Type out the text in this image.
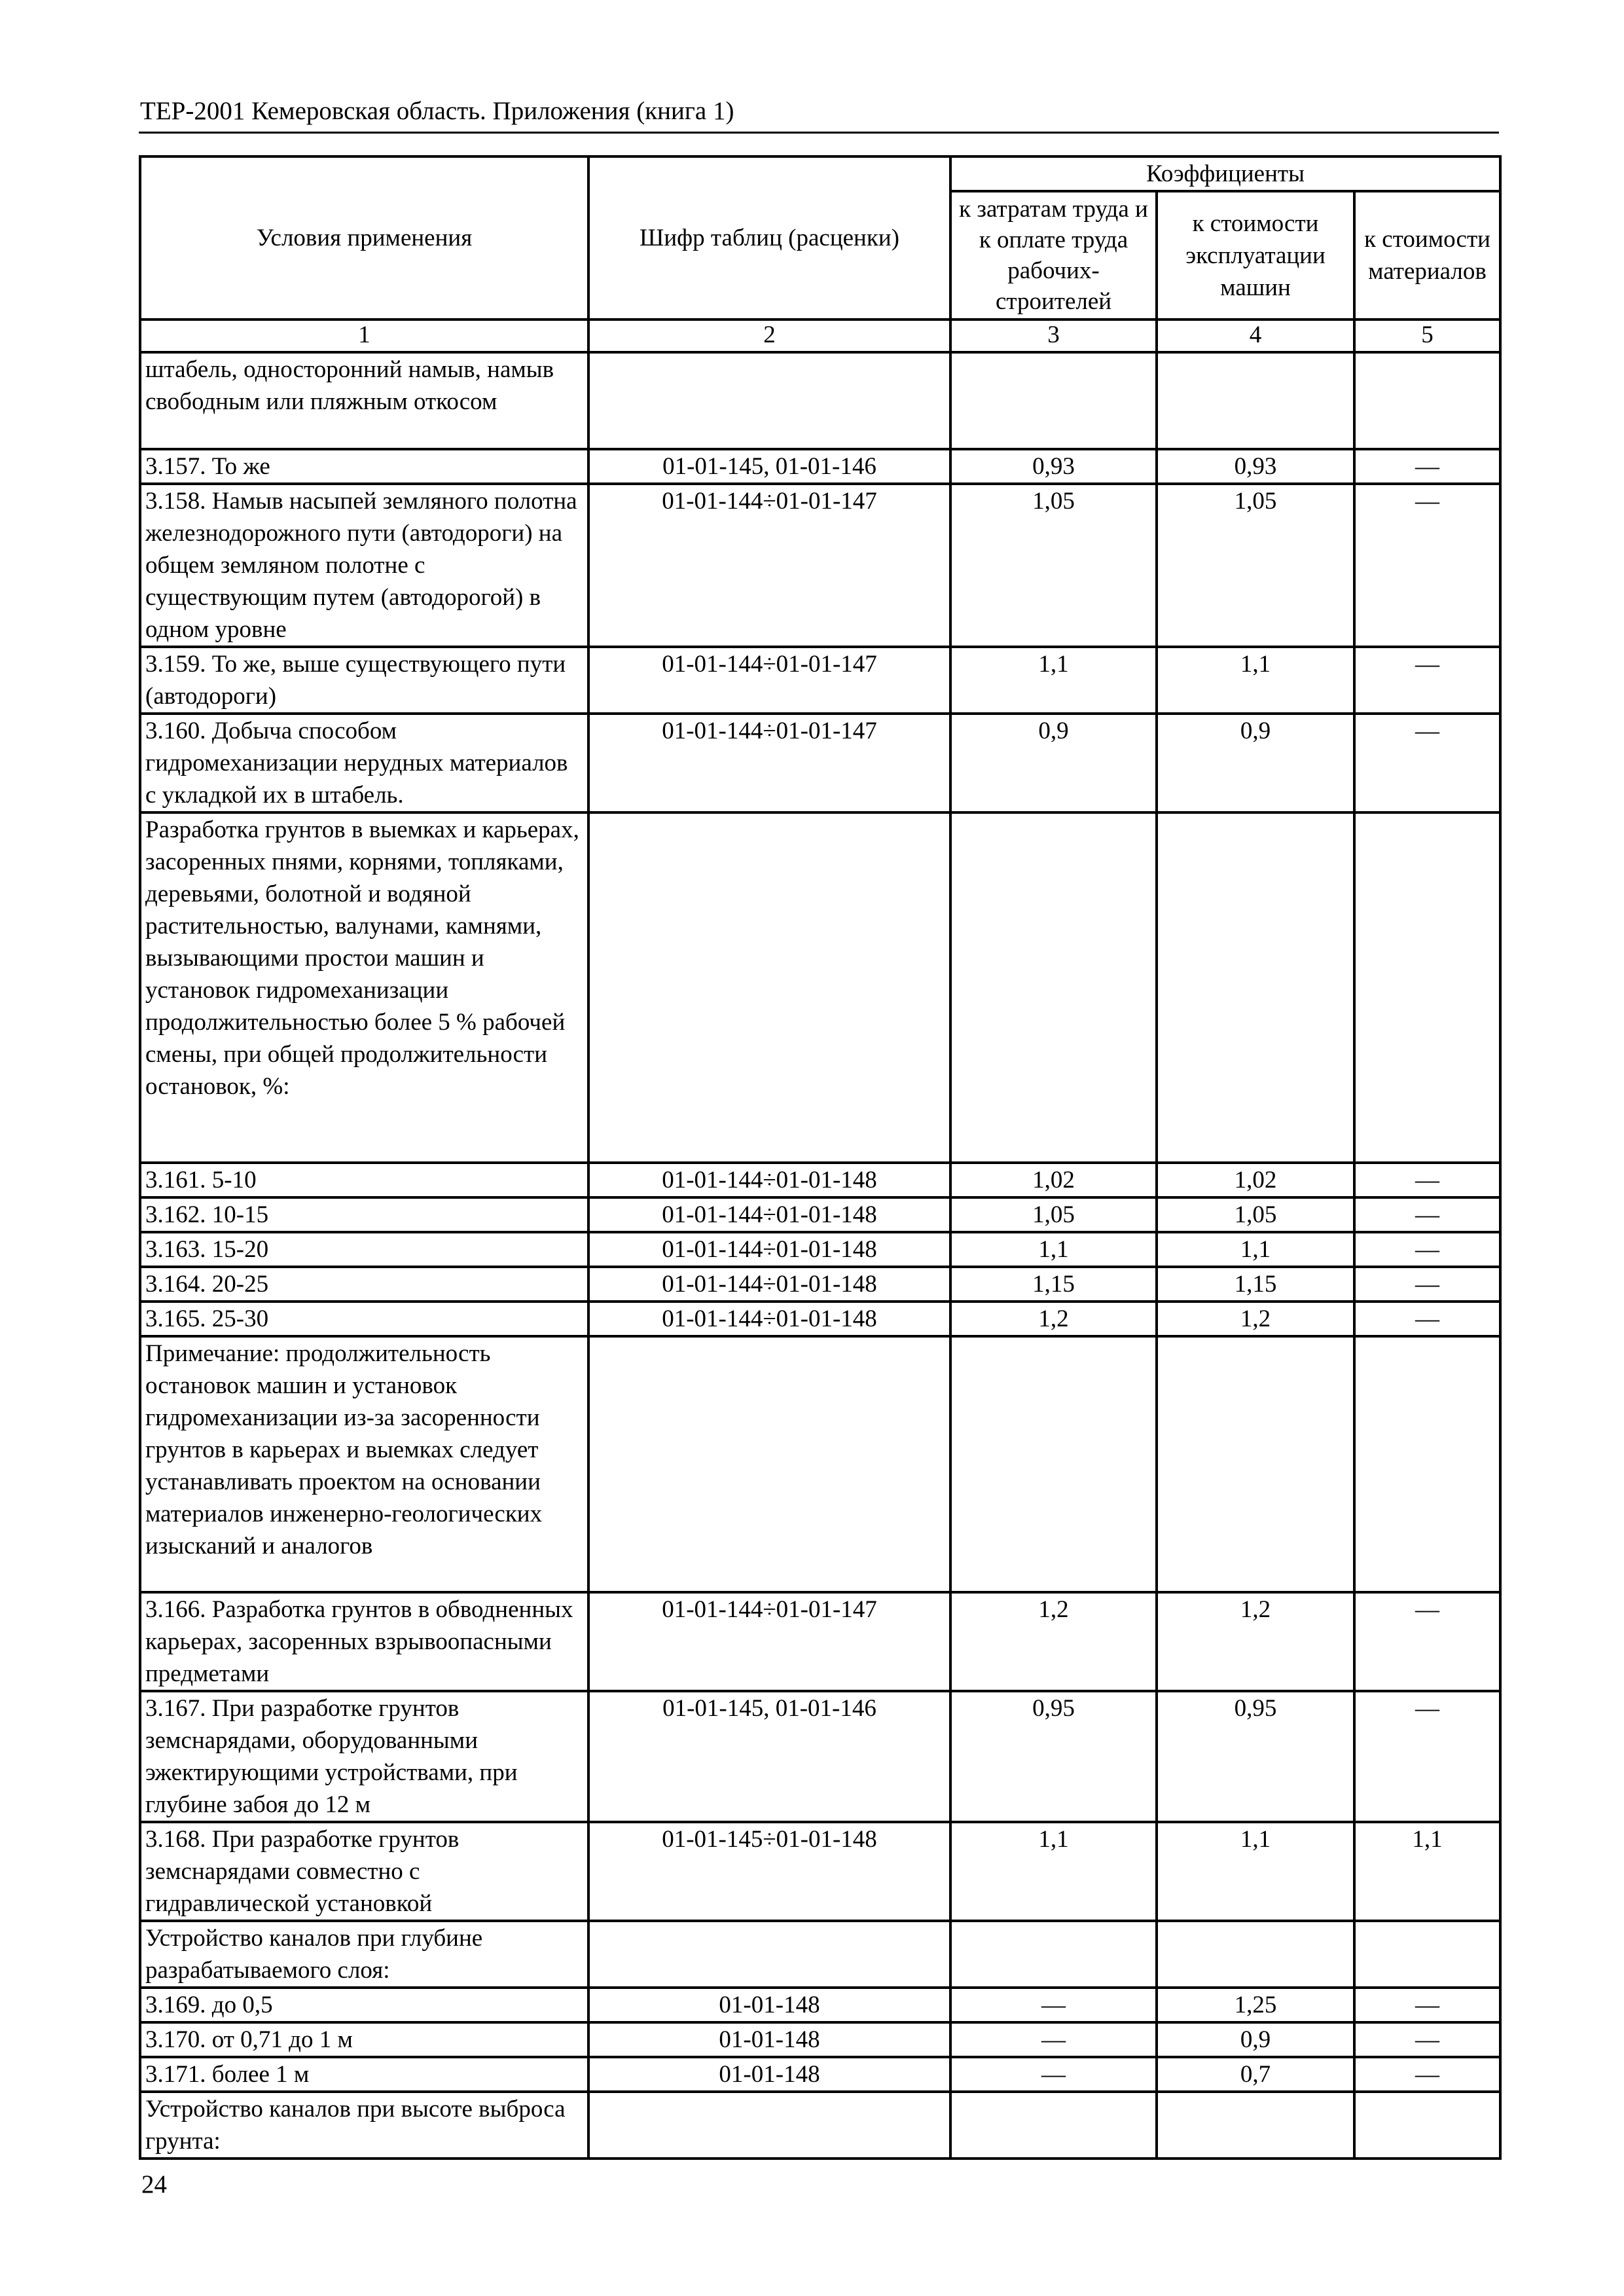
ТЕР-2001 Кемеровская область. Приложения (книга 1)
Условия применения	Шифр таблиц (расценки)	Коэффициенты		
		к затратам труда и к оплате труда рабочих-строителей	к стоимости эксплуатации машин	к стоимости материалов
1	2	3	4	5
штабель, односторонний намыв, намыв свободным или пляжным откосом				
3.157. То же	01-01-145, 01-01-146	0,93	0,93	—
3.158. Намыв насыпей земляного полотна железнодорожного пути (автодороги) на общем земляном полотне с существующим путем (автодорогой) в одном уровне	01-01-144÷01-01-147	1,05	1,05	—
3.159. То же, выше существующего пути (автодороги)	01-01-144÷01-01-147	1,1	1,1	—
3.160. Добыча способом гидромеханизации нерудных материалов с укладкой их в штабель.	01-01-144÷01-01-147	0,9	0,9	—
Разработка грунтов в выемках и карьерах, засоренных пнями, корнями, топляками, деревьями, болотной и водяной растительностью, валунами, камнями, вызывающими простои машин и установок гидромеханизации продолжительностью более 5 % рабочей смены, при общей продолжительности остановок, %:				
3.161. 5-10	01-01-144÷01-01-148	1,02	1,02	—
3.162. 10-15	01-01-144÷01-01-148	1,05	1,05	—
3.163. 15-20	01-01-144÷01-01-148	1,1	1,1	—
3.164. 20-25	01-01-144÷01-01-148	1,15	1,15	—
3.165. 25-30	01-01-144÷01-01-148	1,2	1,2	—
Примечание: продолжительность остановок машин и установок гидромеханизации из-за засоренности грунтов в карьерах и выемках следует устанавливать проектом на основании материалов инженерно-геологических изысканий и аналогов				
3.166. Разработка грунтов в обводненных карьерах, засоренных взрывоопасными предметами	01-01-144÷01-01-147	1,2	1,2	—
3.167. При разработке грунтов земснарядами, оборудованными эжектирующими устройствами, при глубине забоя до 12 м	01-01-145, 01-01-146	0,95	0,95	—
3.168. При разработке грунтов земснарядами совместно с гидравлической установкой	01-01-145÷01-01-148	1,1	1,1	1,1
Устройство каналов при глубине разрабатываемого слоя:				
3.169. до 0,5	01-01-148	—	1,25	—
3.170. от 0,71 до 1 м	01-01-148	—	0,9	—
3.171. более 1 м	01-01-148	—	0,7	—
Устройство каналов при высоте выброса грунта:				
24
